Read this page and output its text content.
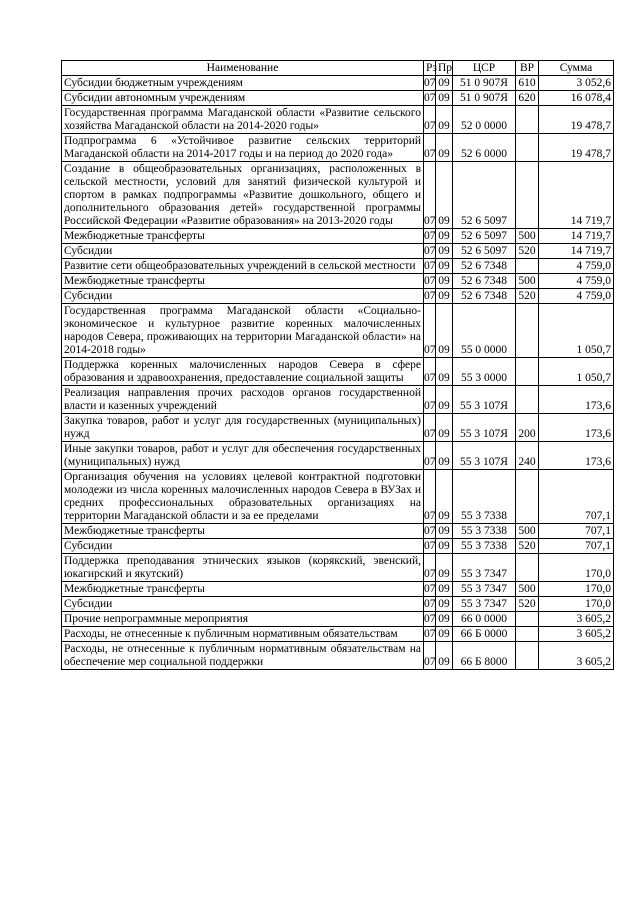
Наименование	Рз	Пр	ЦСР	ВР	Сумма
Субсидии бюджетным учреждениям	07	09	51 0 907Я	610	3 052,6
Субсидии автономным учреждениям	07	09	51 0 907Я	620	16 078,4
Государственная программа Магаданской области «Развитие сельского хозяйства Магаданской области на 2014-2020 годы»	07	09	52 0 0000		19 478,7
Подпрограмма 6 «Устойчивое развитие сельских территорий Магаданской области на 2014-2017 годы и на период до 2020 года»	07	09	52 6 0000		19 478,7
Создание в общеобразовательных организациях, расположенных в сельской местности, условий для занятий физической культурой и спортом в рамках подпрограммы «Развитие дошкольного, общего и дополнительного образования детей» государственной программы Российской Федерации «Развитие образования» на 2013-2020 годы	07	09	52 6 5097		14 719,7
Межбюджетные трансферты	07	09	52 6 5097	500	14 719,7
Субсидии	07	09	52 6 5097	520	14 719,7
Развитие сети общеобразовательных учреждений в сельской местности	07	09	52 6 7348		4 759,0
Межбюджетные трансферты	07	09	52 6 7348	500	4 759,0
Субсидии	07	09	52 6 7348	520	4 759,0
Государственная программа Магаданской области «Социально-экономическое и культурное развитие коренных малочисленных народов Севера, проживающих на территории Магаданской области» на 2014-2018 годы»	07	09	55 0 0000		1 050,7
Поддержка коренных малочисленных народов Севера в сфере образования и здравоохранения, предоставление социальной защиты	07	09	55 3 0000		1 050,7
Реализация направления прочих расходов органов государственной власти и казенных учреждений	07	09	55 3 107Я		173,6
Закупка товаров, работ и услуг для государственных (муниципальных) нужд	07	09	55 3 107Я	200	173,6
Иные закупки товаров, работ и услуг для обеспечения государственных (муниципальных) нужд	07	09	55 3 107Я	240	173,6
Организация обучения на условиях целевой контрактной подготовки молодежи из числа коренных малочисленных народов Севера в ВУЗах и средних профессиональных образовательных организациях на территории Магаданской области и за ее пределами	07	09	55 3 7338		707,1
Межбюджетные трансферты	07	09	55 3 7338	500	707,1
Субсидии	07	09	55 3 7338	520	707,1
Поддержка преподавания этнических языков (корякский, эвенский, юкагирский и якутский)	07	09	55 3 7347		170,0
Межбюджетные трансферты	07	09	55 3 7347	500	170,0
Субсидии	07	09	55 3 7347	520	170,0
Прочие непрограммные мероприятия	07	09	66 0 0000		3 605,2
Расходы, не отнесенные к публичным нормативным обязательствам	07	09	66 Б 0000		3 605,2
Расходы, не отнесенные к публичным нормативным обязательствам на обеспечение мер социальной поддержки	07	09	66 Б 8000		3 605,2
